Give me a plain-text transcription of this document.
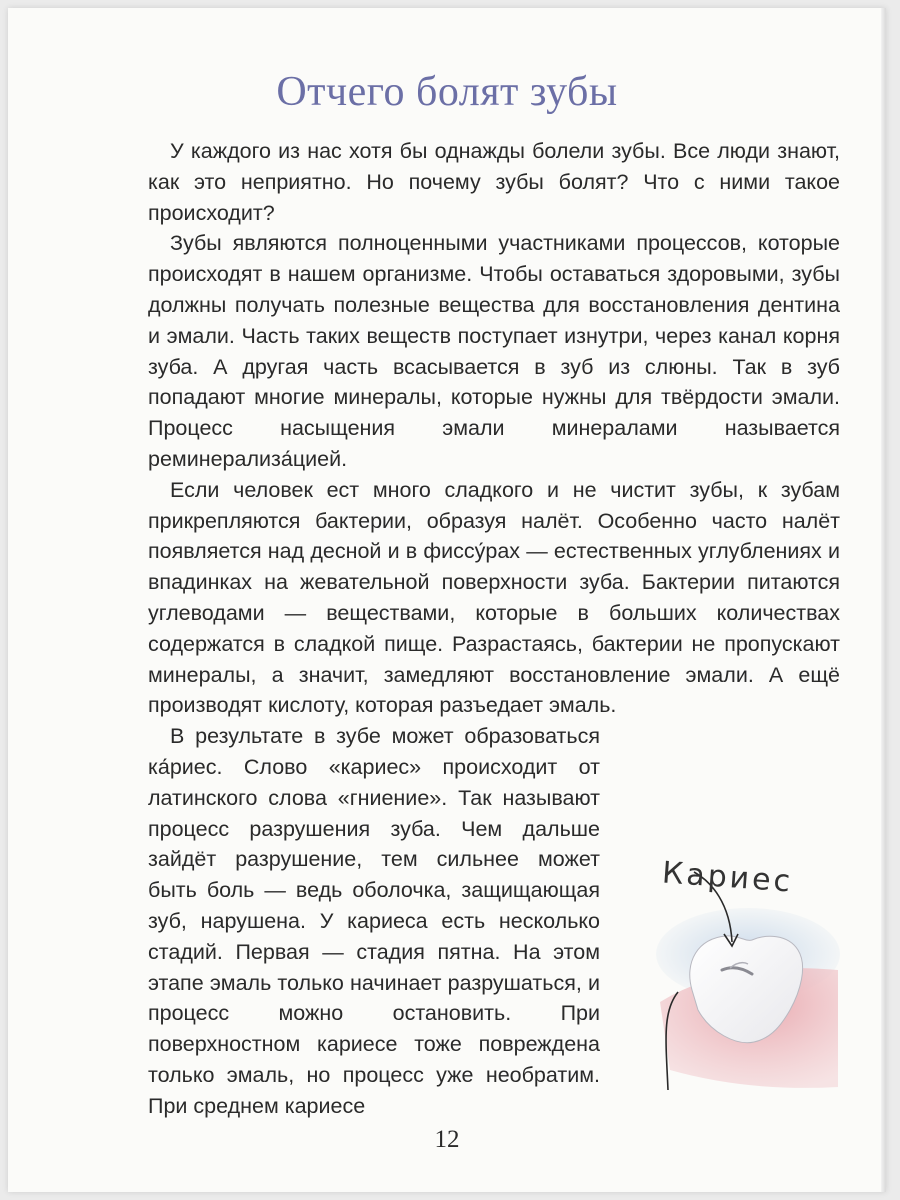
Отчего болят зубы

У каждого из нас хотя бы однажды болели зубы. Все люди знают, как это неприятно. Но почему зубы болят? Что с ними такое происходит?

Зубы являются полноценными участниками процессов, которые происходят в нашем организме. Чтобы оставаться здоровыми, зубы должны получать полезные вещества для восстановления дентина и эмали. Часть таких веществ поступает изнутри, через канал корня зуба. А другая часть всасывается в зуб из слюны. Так в зуб попадают многие минералы, которые нужны для твёрдости эмали. Процесс насыщения эмали минералами называется реминерализа́цией.

Если человек ест много сладкого и не чистит зубы, к зубам прикрепляются бактерии, образуя налёт. Особенно часто налёт появляется над десной и в фиссу́рах — естественных углублениях и впадинках на жевательной поверхности зуба. Бактерии питаются углеводами — веществами, которые в больших количествах содержатся в сладкой пище. Разрастаясь, бактерии не пропускают минералы, а значит, замедляют восстановление эмали. А ещё производят кислоту, которая разъедает эмаль.

В результате в зубе может образоваться ка́риес. Слово «кариес» происходит от латинского слова «гниение». Так называют процесс разрушения зуба. Чем дальше зайдёт разрушение, тем сильнее может быть боль — ведь оболочка, защищающая зуб, нарушена. У кариеса есть несколько стадий. Первая — стадия пятна. На этом этапе эмаль только начинает разрушаться, и процесс можно остановить. При поверхностном кариесе тоже повреждена только эмаль, но процесс уже необратим. При среднем кариесе

Кариес

12
